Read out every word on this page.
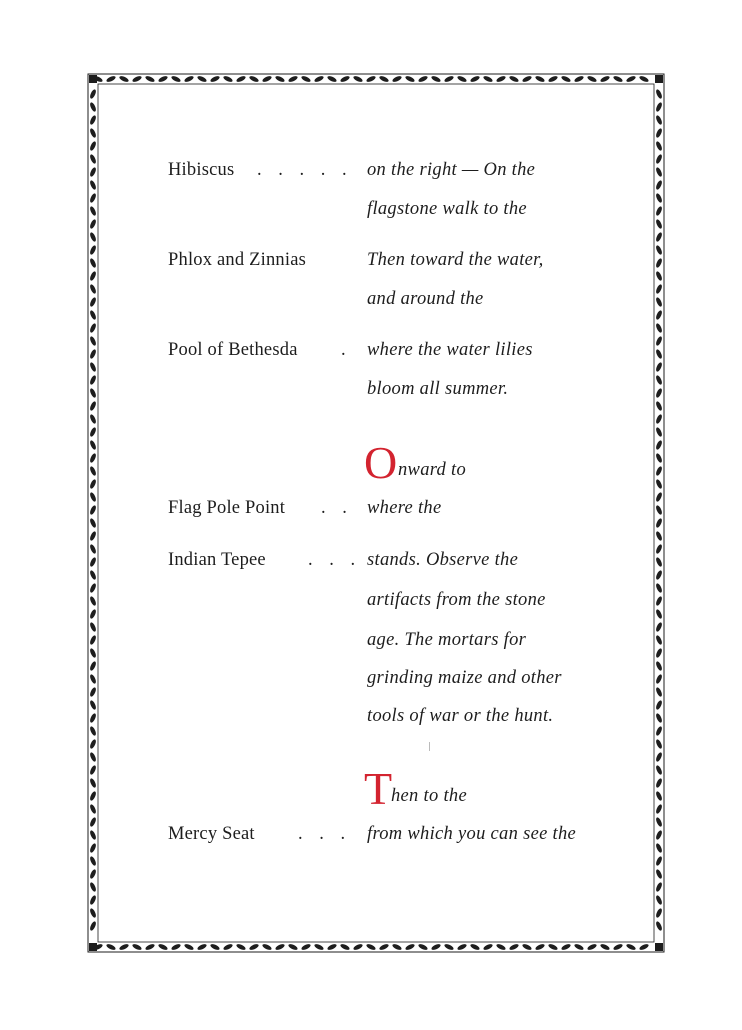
Hibiscus . . . . . on the right — On the
flagstone walk to the
Phlox and Zinnias	Then toward the water,
and around the
Pool of Bethesda . where the water lilies
bloom all summer.
O nward to
Flag Pole Point . . where the
Indian Tepee . . . stands. Observe the
artifacts from the stone
age. The mortars for
grinding maize and other
tools of war or the hunt.
T
hen to the
Mercy Seat . . . from which you can see the
